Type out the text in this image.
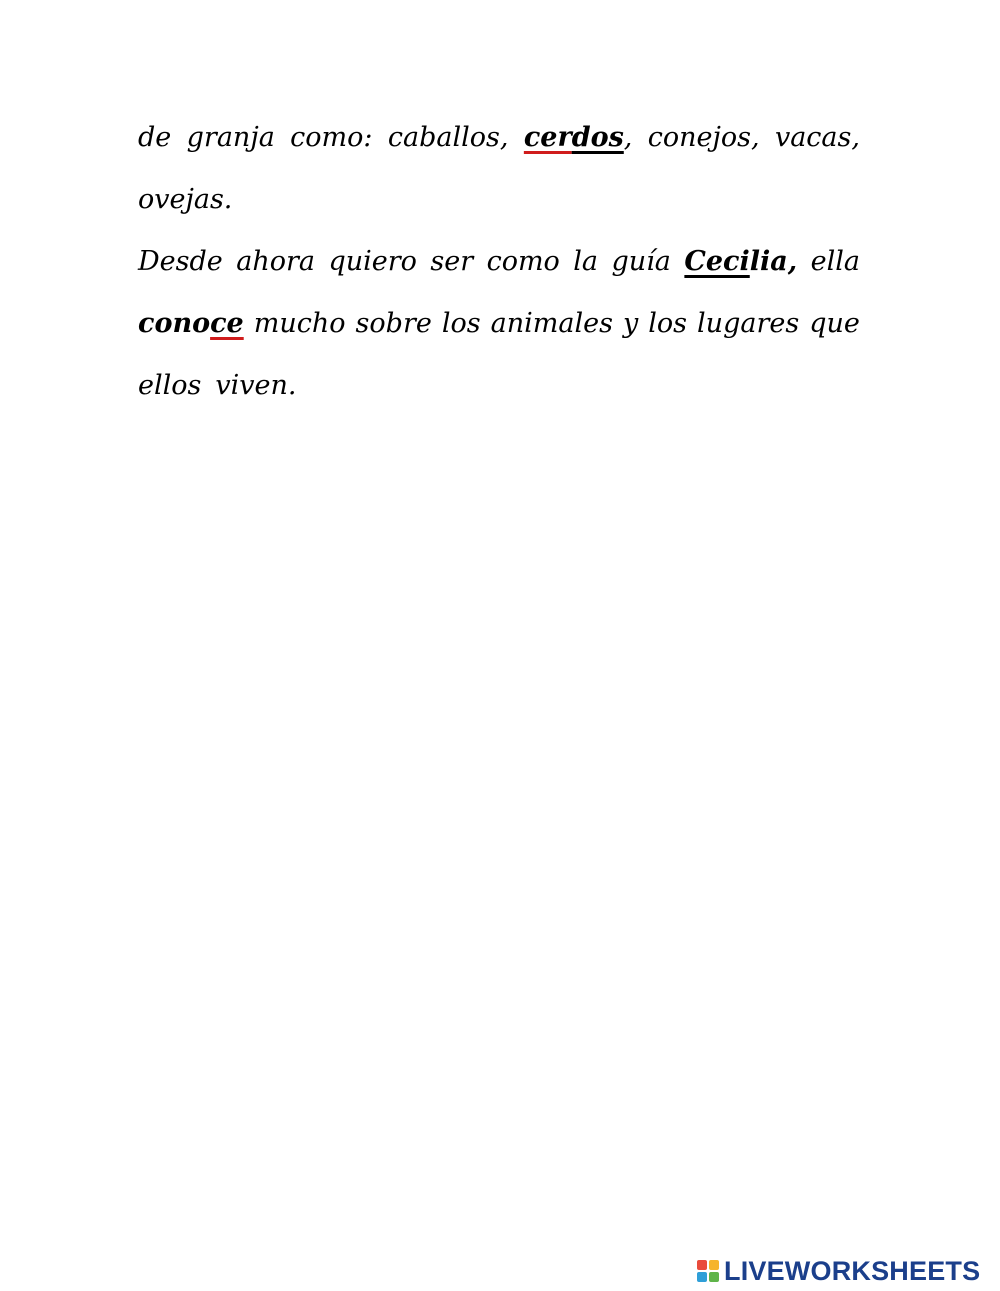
de granja como: caballos, cerdos, conejos, vacas,
ovejas.
Desde ahora quiero ser como la guía Cecilia, ella
conoce mucho sobre los animales y los lugares que
ellos viven.
LIVEWORKSHEETS
